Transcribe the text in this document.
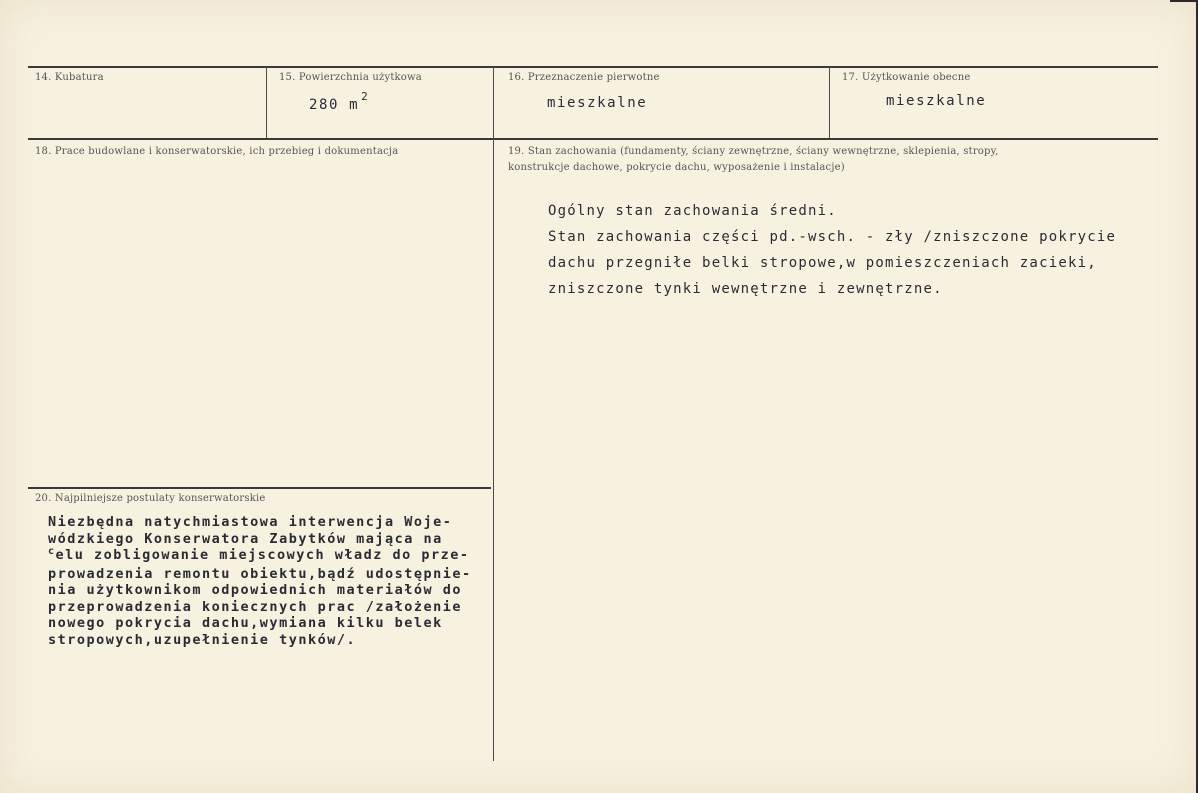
14. Kubatura	15. Powierzchnia użytkowa
280 $m^2$
16. Przeznaczenie pierwotne
mieszkalne
17. Użytkowanie obecne
mieszkalne
18. Prace budowlane i konserwatorskie, ich przebieg i dokumentacja	19. Stan zachowania (fundamenty, ściany zewnętrzne, ściany wewnętrzne, sklepienia, stropy,
konstrukcje dachowe, pokrycie dachu, wyposażenie i instalacje)
Ogólny stan zachowania średni.
Stan zachowania części pd.-wsch. - zły /zniszczone pokrycie
dachu przegniłe belki stropowe,w pomieszczeniach zacieki,
zniszczone tynki wewnętrzne i zewnętrzne.
20. Najpilniejsze postulaty konserwatorskie
Niezbędna natychmiastowa interwencja Woje-
wódzkiego Konserwatora Zabytków mająca na
$^c$elu zobligowanie miejscowych władz do prze-
prowadzenia remontu obiektu,bądź udostępnie-
nia użytkownikom odpowiednich materiałów do
przeprowadzenia koniecznych prac /założenie
nowego pokrycia dachu,wymiana kilku belek
stropowych,uzupełnienie tynków/.
